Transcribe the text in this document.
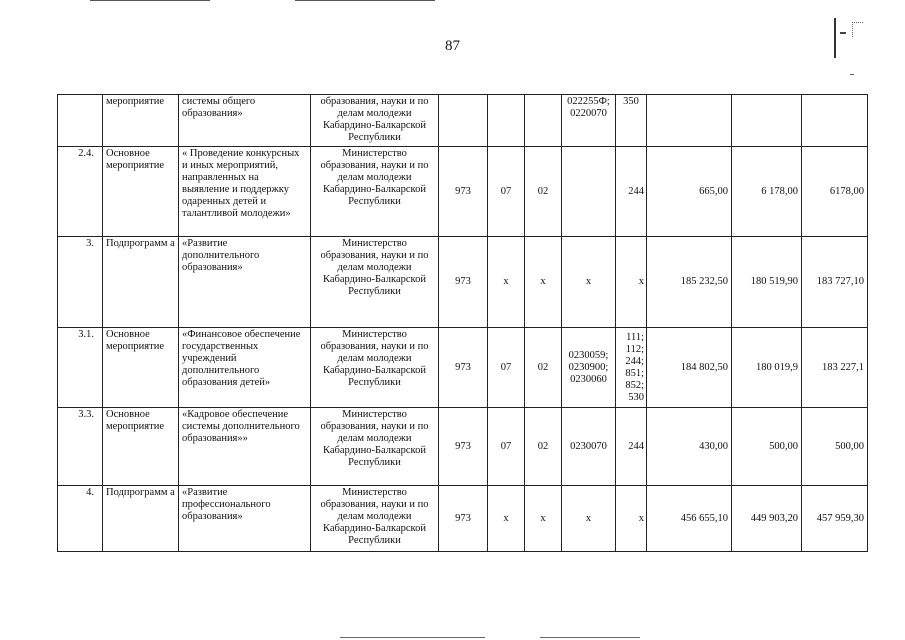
87
	мероприятие	системы общего образования»	образования, науки и по делам молодежи Кабардино-Балкарской Республики				022255Ф; 0220070	350			
2.4.	Основное мероприятие	« Проведение конкурсных и иных мероприятий, направленных на выявление и поддержку одаренных детей и талантливой молодежи»	Министерство образования, науки и по делам молодежи Кабардино-Балкарской Республики	973	07	02		244	665,00	6 178,00	6178,00
3.	Подпрограмм а	«Развитие дополнительного образования»	Министерство образования, науки и по делам молодежи Кабардино-Балкарской Республики	973	х	х	х	х	185 232,50	180 519,90	183 727,10
3.1.	Основное мероприятие	«Финансовое обеспечение государственных учреждений дополнительного образования детей»	Министерство образования, науки и по делам молодежи Кабардино-Балкарской Республики	973	07	02	0230059; 0230900; 0230060	111; 112; 244; 851; 852; 530	184 802,50	180 019,9	183 227,1
3.3.	Основное мероприятие	«Кадровое обеспечение системы дополнительного образования»»	Министерство образования, науки и по делам молодежи Кабардино-Балкарской Республики	973	07	02	0230070	244	430,00	500,00	500,00
4.	Подпрограмм а	«Развитие профессионального образования»	Министерство образования, науки и по делам молодежи Кабардино-Балкарской Республики	973	х	х	х	х	456 655,10	449 903,20	457 959,30
